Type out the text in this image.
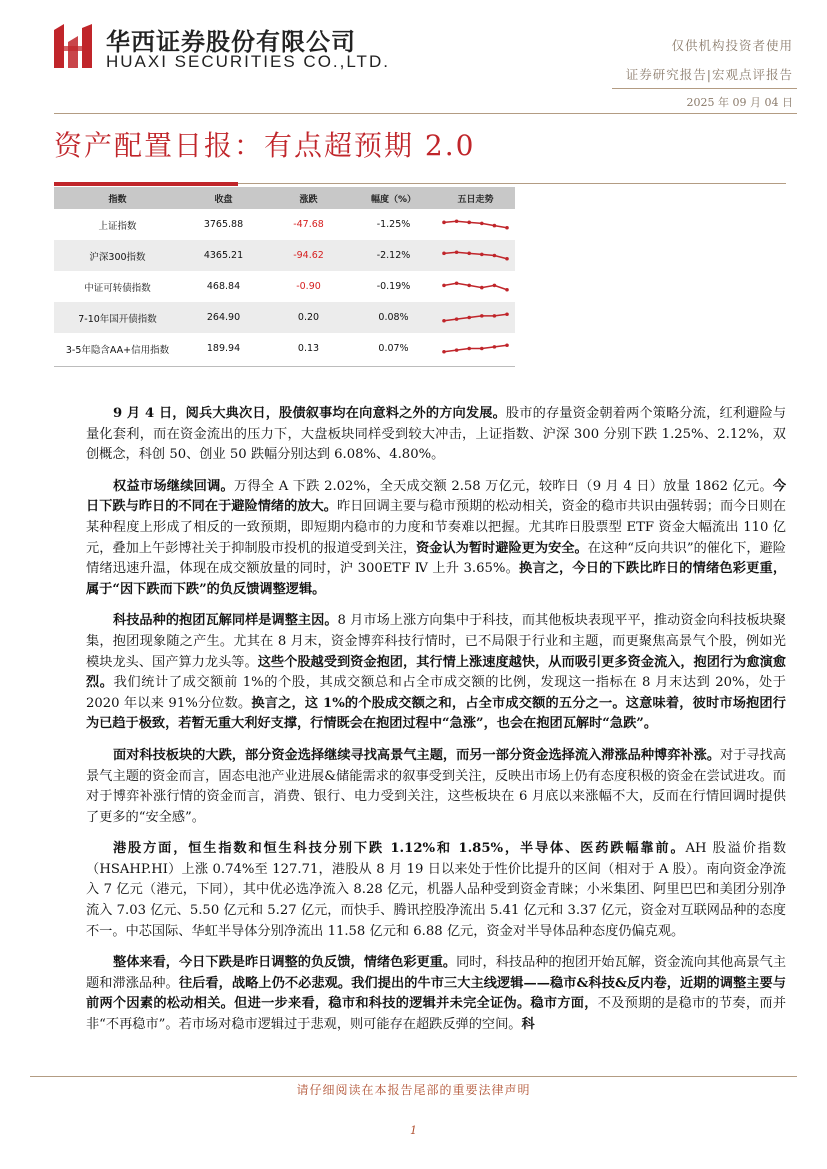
华西证券股份有限公司
HUAXI SECURITIES CO.,LTD.
仅供机构投资者使用
证券研究报告|宏观点评报告
2025 年 09 月 04 日
资产配置日报：有点超预期 2.0
指数	收盘	涨跌	幅度（%）	五日走势
上证指数	3765.88	-47.68	-1.25%
沪深300指数	4365.21	-94.62	-2.12%
中证可转债指数	468.84	-0.90	-0.19%
7-10年国开债指数	264.90	0.20	0.08%
3-5年隐含AA+信用指数	189.94	0.13	0.07%

9 月 4 日，阅兵大典次日，股债叙事均在向意料之外的方向发展。股市的存量资金朝着两个策略分流，红利避险与量化套利，而在资金流出的压力下，大盘板块同样受到较大冲击，上证指数、沪深 300 分别下跌 1.25%、2.12%，双创概念，科创 50、创业 50 跌幅分别达到 6.08%、4.80%。

权益市场继续回调。万得全 A 下跌 2.02%，全天成交额 2.58 万亿元，较昨日（9 月 4 日）放量 1862 亿元。今日下跌与昨日的不同在于避险情绪的放大。昨日回调主要与稳市预期的松动相关，资金的稳市共识由强转弱；而今日则在某种程度上形成了相反的一致预期，即短期内稳市的力度和节奏难以把握。尤其昨日股票型 ETF 资金大幅流出 110 亿元，叠加上午彭博社关于抑制股市投机的报道受到关注，资金认为暂时避险更为安全。在这种“反向共识”的催化下，避险情绪迅速升温，体现在成交额放量的同时，沪 300ETF Ⅳ 上升 3.65%。换言之，今日的下跌比昨日的情绪色彩更重，属于“因下跌而下跌”的负反馈调整逻辑。

科技品种的抱团瓦解同样是调整主因。8 月市场上涨方向集中于科技，而其他板块表现平平，推动资金向科技板块聚集，抱团现象随之产生。尤其在 8 月末，资金博弈科技行情时，已不局限于行业和主题，而更聚焦高景气个股，例如光模块龙头、国产算力龙头等。这些个股越受到资金抱团，其行情上涨速度越快，从而吸引更多资金流入，抱团行为愈演愈烈。我们统计了成交额前 1%的个股，其成交额总和占全市成交额的比例，发现这一指标在 8 月末达到 20%，处于 2020 年以来 91%分位数。换言之，这 1%的个股成交额之和，占全市成交额的五分之一。这意味着，彼时市场抱团行为已趋于极致，若暂无重大利好支撑，行情既会在抱团过程中“急涨”，也会在抱团瓦解时“急跌”。

面对科技板块的大跌，部分资金选择继续寻找高景气主题，而另一部分资金选择流入滞涨品种博弈补涨。对于寻找高景气主题的资金而言，固态电池产业进展&储能需求的叙事受到关注，反映出市场上仍有态度积极的资金在尝试进攻。而对于博弈补涨行情的资金而言，消费、银行、电力受到关注，这些板块在 6 月底以来涨幅不大，反而在行情回调时提供了更多的“安全感”。

港股方面，恒生指数和恒生科技分别下跌 1.12%和 1.85%，半导体、医药跌幅靠前。AH 股溢价指数（HSAHP.HI）上涨 0.74%至 127.71，港股从 8 月 19 日以来处于性价比提升的区间（相对于 A 股）。南向资金净流入 7 亿元（港元，下同），其中优必选净流入 8.28 亿元，机器人品种受到资金青睐；小米集团、阿里巴巴和美团分别净流入 7.03 亿元、5.50 亿元和 5.27 亿元，而快手、腾讯控股净流出 5.41 亿元和 3.37 亿元，资金对互联网品种的态度不一。中芯国际、华虹半导体分别净流出 11.58 亿元和 6.88 亿元，资金对半导体品种态度仍偏克观。

整体来看，今日下跌是昨日调整的负反馈，情绪色彩更重。同时，科技品种的抱团开始瓦解，资金流向其他高景气主题和滞涨品种。往后看，战略上仍不必悲观。我们提出的牛市三大主线逻辑——稳市&科技&反内卷，近期的调整主要与前两个因素的松动相关。但进一步来看，稳市和科技的逻辑并未完全证伪。稳市方面，不及预期的是稳市的节奏，而并非“不再稳市”。若市场对稳市逻辑过于悲观，则可能存在超跌反弹的空间。科

请仔细阅读在本报告尾部的重要法律声明
1
